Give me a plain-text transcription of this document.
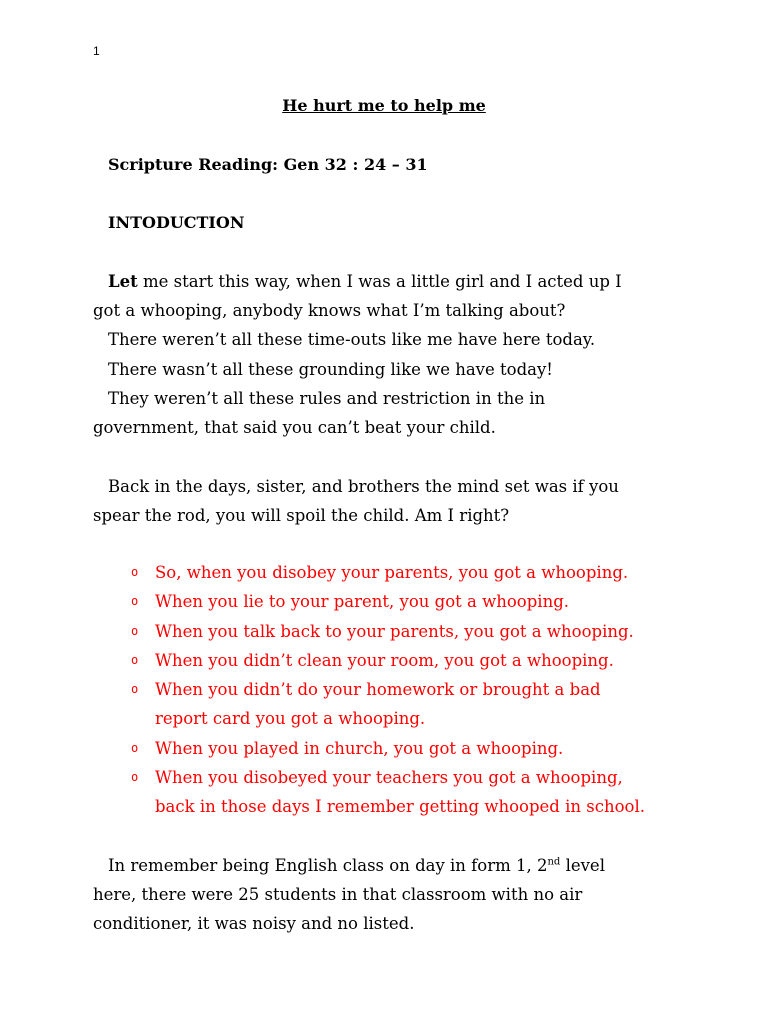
1
He hurt me to help me
Scripture Reading: Gen 32 : 24 – 31
INTODUCTION
Let me start this way, when I was a little girl and I acted up I
got a whooping, anybody knows what I’m talking about?
There weren’t all these time-outs like me have here today.
There wasn’t all these grounding like we have today!
They weren’t all these rules and restriction in the in
government, that said you can’t beat your child.
Back in the days, sister, and brothers the mind set was if you
spear the rod, you will spoil the child. Am I right?
o So, when you disobey your parents, you got a whooping.
o When you lie to your parent, you got a whooping.
o When you talk back to your parents, you got a whooping.
o When you didn’t clean your room, you got a whooping.
o When you didn’t do your homework or brought a bad
report card you got a whooping.
o When you played in church, you got a whooping.
o When you disobeyed your teachers you got a whooping,
back in those days I remember getting whooped in school.
In remember being English class on day in form 1, 2nd level
here, there were 25 students in that classroom with no air
conditioner, it was noisy and no listed.
